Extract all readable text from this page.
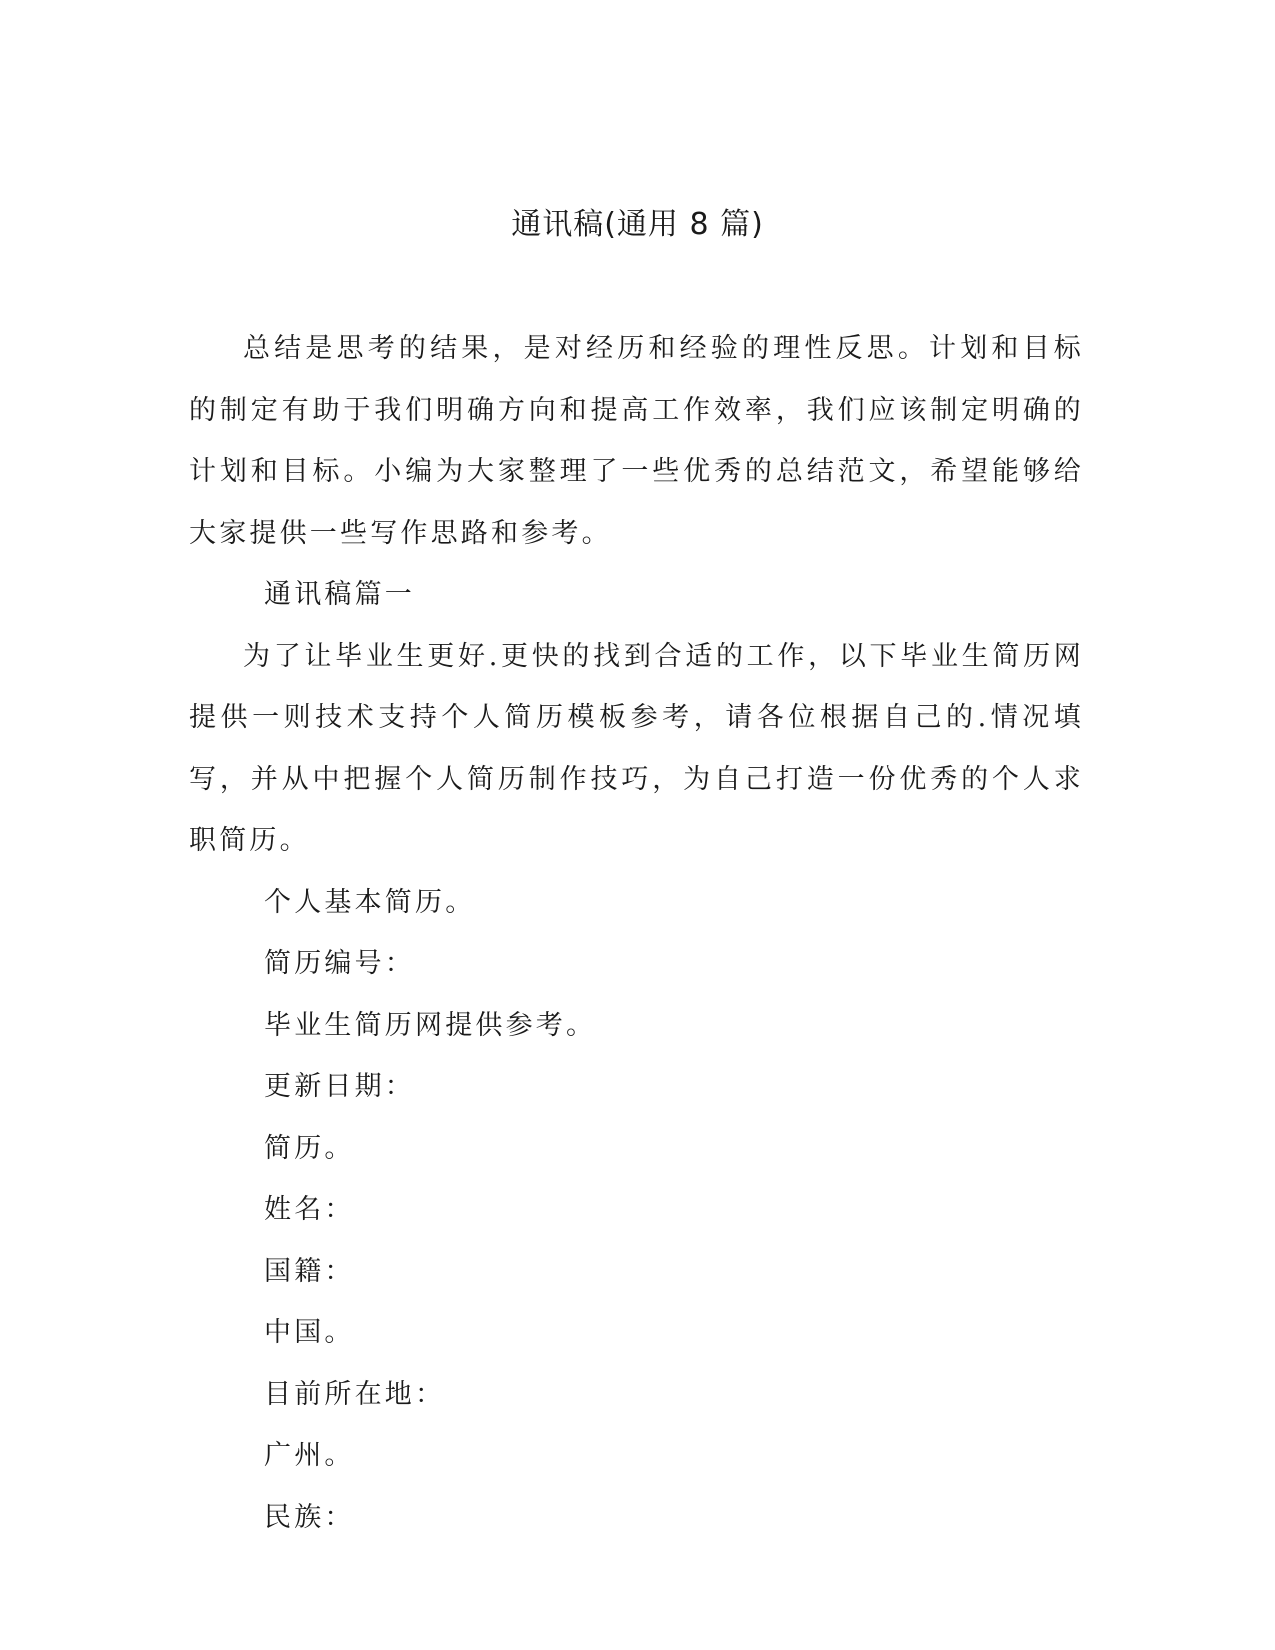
通讯稿(通用 8 篇)

总结是思考的结果，是对经历和经验的理性反思。计划和目标的制定有助于我们明确方向和提高工作效率，我们应该制定明确的计划和目标。小编为大家整理了一些优秀的总结范文，希望能够给大家提供一些写作思路和参考。

通讯稿篇一

为了让毕业生更好.更快的找到合适的工作，以下毕业生简历网提供一则技术支持个人简历模板参考，请各位根据自己的.情况填写，并从中把握个人简历制作技巧，为自己打造一份优秀的个人求职简历。

个人基本简历。

简历编号：

毕业生简历网提供参考。

更新日期：

简历。

姓名：

国籍：

中国。

目前所在地：

广州。

民族：
